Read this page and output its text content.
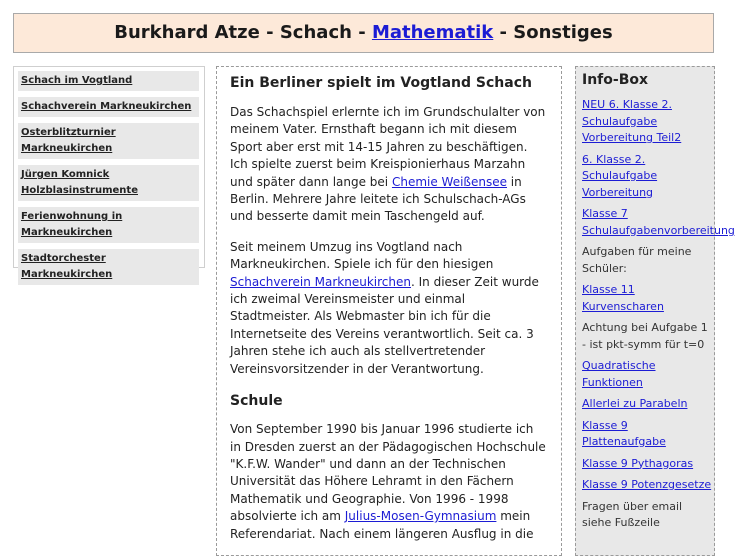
Burkhard Atze - Schach - Mathematik - Sonstiges
Schach im Vogtland
Schachverein Markneukirchen
Osterblitzturnier Markneukirchen
Jürgen Komnick Holzblasinstrumente
Ferienwohnung in Markneukirchen
Stadtorchester Markneukirchen
Ein Berliner spielt im Vogtland Schach

Das Schachspiel erlernte ich im Grundschulalter von meinem Vater. Ernsthaft begann ich mit diesem Sport aber erst mit 14-15 Jahren zu beschäftigen. Ich spielte zuerst beim Kreispionierhaus Marzahn und später dann lange bei Chemie Weißensee in Berlin. Mehrere Jahre leitete ich Schulschach-AGs und besserte damit mein Taschengeld auf.

Seit meinem Umzug ins Vogtland nach Markneukirchen. Spiele ich für den hiesigen Schachverein Markneukirchen. In dieser Zeit wurde ich zweimal Vereinsmeister und einmal Stadtmeister. Als Webmaster bin ich für die Internetseite des Vereins verantwortlich. Seit ca. 3 Jahren stehe ich auch als stellvertretender Vereinsvorsitzender in der Verantwortung.

Schule

Von September 1990 bis Januar 1996 studierte ich in Dresden zuerst an der Pädagogischen Hochschule "K.F.W. Wander" und dann an der Technischen Universität das Höhere Lehramt in den Fächern Mathematik und Geographie. Von 1996 - 1998 absolvierte ich am Julius-Mosen-Gymnasium mein Referendariat. Nach einem längeren Ausflug in die

Info-Box
NEU 6. Klasse 2. Schulaufgabe Vorbereitung Teil2
6. Klasse 2. Schulaufgabe Vorbereitung
Klasse 7 Schulaufgabenvorbereitung
Aufgaben für meine Schüler:
Klasse 11 Kurvenscharen
Achtung bei Aufgabe 1 - ist pkt-symm für t=0
Quadratische Funktionen
Allerlei zu Parabeln
Klasse 9 Plattenaufgabe
Klasse 9 Pythagoras
Klasse 9 Potenzgesetze
Fragen über email siehe Fußzeile
